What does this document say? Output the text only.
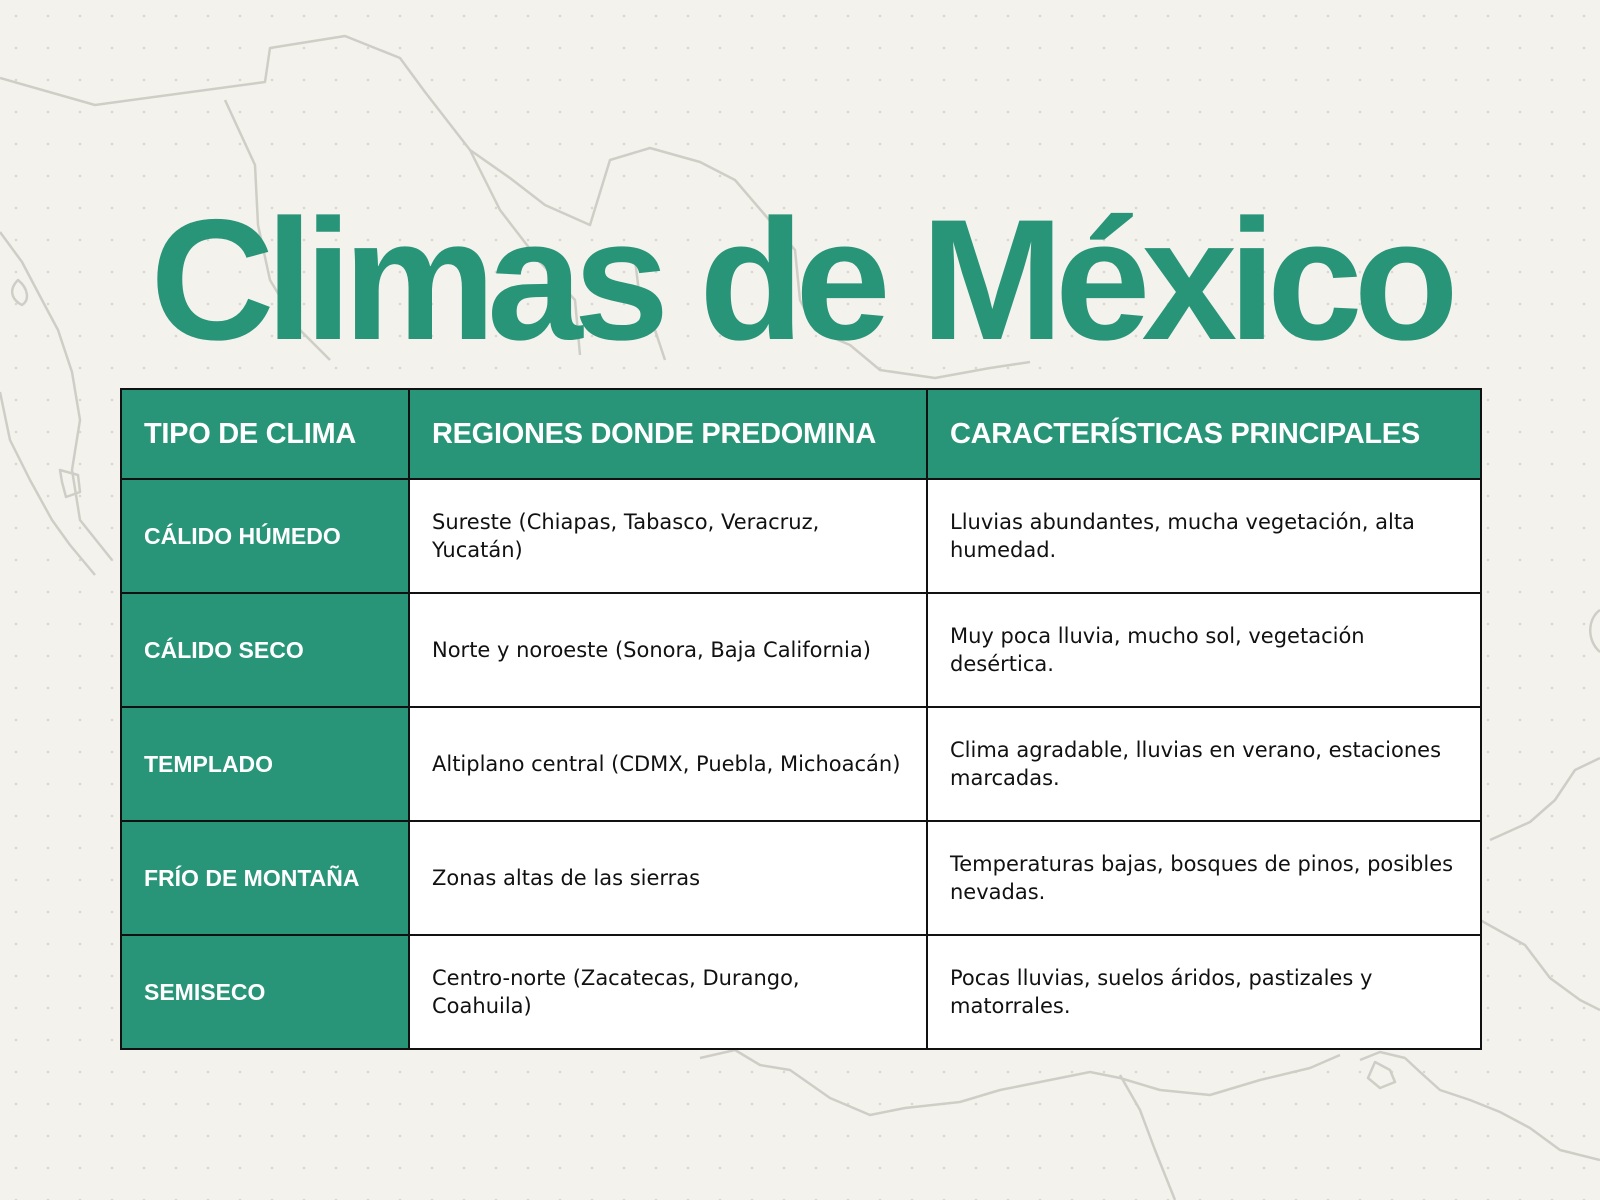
Climas de México
TIPO DE CLIMA	REGIONES DONDE PREDOMINA	CARACTERÍSTICAS PRINCIPALES
CÁLIDO HÚMEDO	Sureste (Chiapas, Tabasco, Veracruz, Yucatán)	Lluvias abundantes, mucha vegetación, alta humedad.
CÁLIDO SECO	Norte y noroeste (Sonora, Baja California)	Muy poca lluvia, mucho sol, vegetación desértica.
TEMPLADO	Altiplano central (CDMX, Puebla, Michoacán)	Clima agradable, lluvias en verano, estaciones marcadas.
FRÍO DE MONTAÑA	Zonas altas de las sierras	Temperaturas bajas, bosques de pinos, posibles nevadas.
SEMISECO	Centro-norte (Zacatecas, Durango, Coahuila)	Pocas lluvias, suelos áridos, pastizales y matorrales.
